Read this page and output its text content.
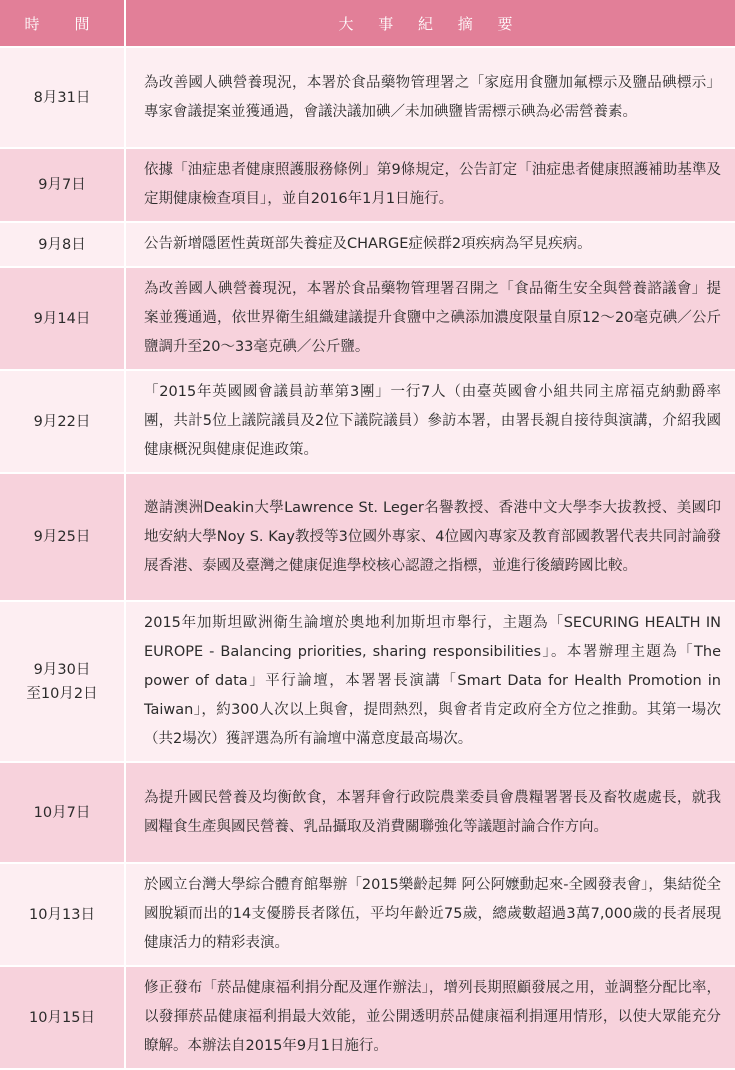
時　間	大 事 紀 摘 要
8月31日	為改善國人碘營養現況，本署於食品藥物管理署之「家庭用食鹽加氟標示及鹽品碘標示」專家會議提案並獲通過，會議決議加碘／未加碘鹽皆需標示碘為必需營養素。
9月7日	依據「油症患者健康照護服務條例」第9條規定，公告訂定「油症患者健康照護補助基準及定期健康檢查項目」，並自2016年1月1日施行。
9月8日	公告新增隱匿性黃斑部失養症及CHARGE症候群2項疾病為罕見疾病。
9月14日	為改善國人碘營養現況，本署於食品藥物管理署召開之「食品衛生安全與營養諮議會」提案並獲通過，依世界衛生組織建議提升食鹽中之碘添加濃度限量自原12～20毫克碘／公斤鹽調升至20～33毫克碘／公斤鹽。
9月22日	「2015年英國國會議員訪華第3團」一行7人（由臺英國會小組共同主席福克納勳爵率團，共計5位上議院議員及2位下議院議員）參訪本署，由署長親自接待與演講，介紹我國健康概況與健康促進政策。
9月25日	邀請澳洲Deakin大學Lawrence St. Leger名譽教授、香港中文大學李大拔教授、美國印地安納大學Noy S. Kay教授等3位國外專家、4位國內專家及教育部國教署代表共同討論發展香港、泰國及臺灣之健康促進學校核心認證之指標，並進行後續跨國比較。

9月30日
至10月2日	2015年加斯坦歐洲衛生論壇於奧地利加斯坦市舉行，主題為「SECURING HEALTH IN EUROPE - Balancing priorities, sharing responsibilities」。本署辦理主題為「The power of data」平行論壇，本署署長演講「Smart Data for Health Promotion in Taiwan」，約300人次以上與會，提問熱烈，與會者肯定政府全方位之推動。其第一場次（共2場次）獲評選為所有論壇中滿意度最高場次。
10月7日	為提升國民營養及均衡飲食，本署拜會行政院農業委員會農糧署署長及畜牧處處長，就我國糧食生產與國民營養、乳品攝取及消費關聯強化等議題討論合作方向。
10月13日	於國立台灣大學綜合體育館舉辦「2015樂齡起舞 阿公阿嬤動起來-全國發表會」，集結從全國脫穎而出的14支優勝長者隊伍，平均年齡近75歲，總歲數超過3萬7,000歲的長者展現健康活力的精彩表演。
10月15日	修正發布「菸品健康福利捐分配及運作辦法」，增列長期照顧發展之用，並調整分配比率，以發揮菸品健康福利捐最大效能，並公開透明菸品健康福利捐運用情形，以使大眾能充分瞭解。本辦法自2015年9月1日施行。
